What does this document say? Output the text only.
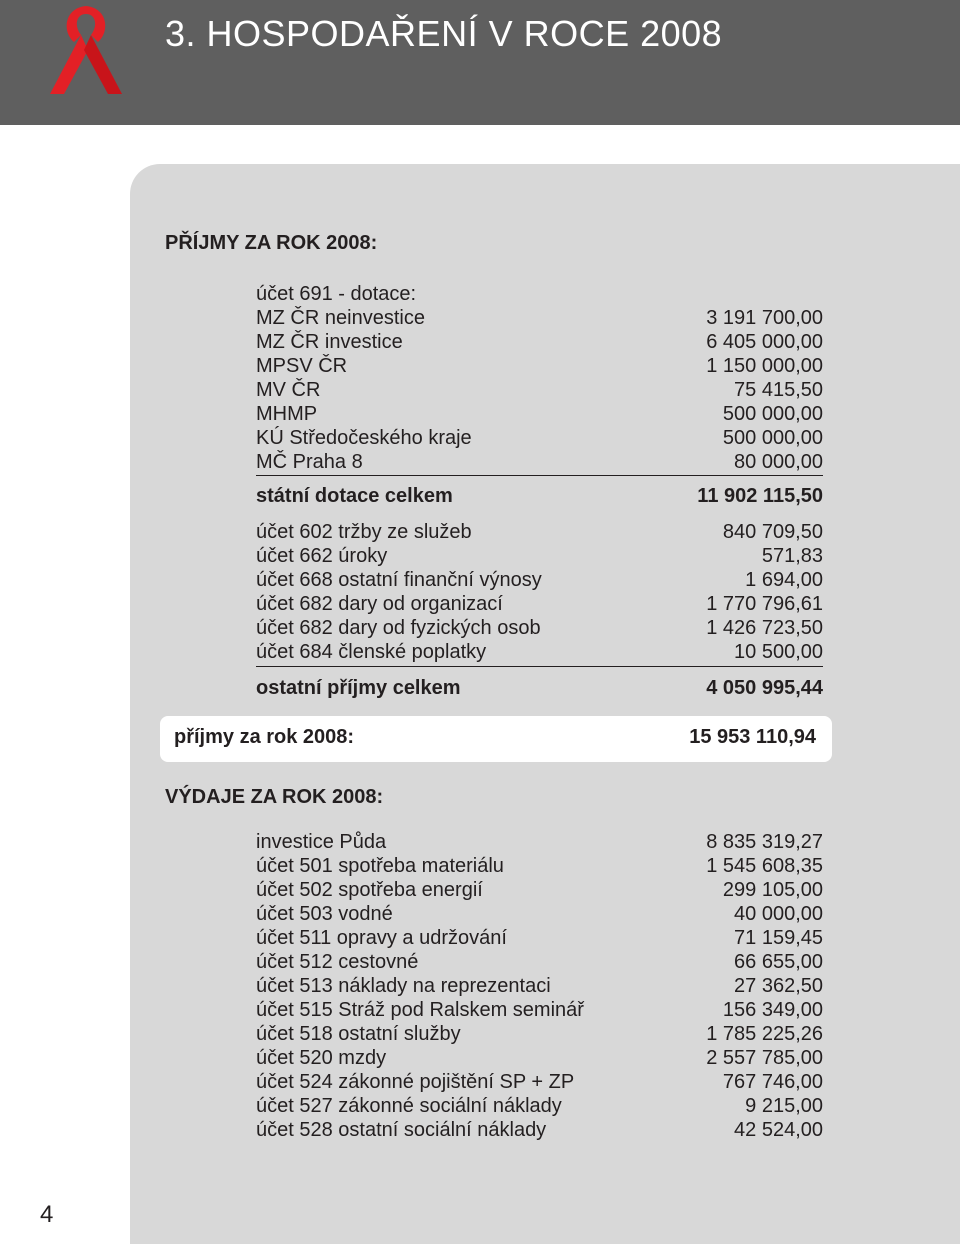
3. HOSPODAŘENÍ V ROCE 2008
PŘÍJMY ZA ROK 2008:
účet 691 - dotace:
MZ ČR neinvestice	3 191 700,00
MZ ČR investice	6 405 000,00
MPSV ČR	1 150 000,00
MV ČR	75 415,50
MHMP	500 000,00
KÚ Středočeského kraje	500 000,00
MČ Praha 8	80 000,00
státní dotace celkem	11 902 115,50
účet 602 tržby ze služeb	840 709,50
účet 662 úroky	571,83
účet 668 ostatní finanční výnosy	1 694,00
účet 682 dary od organizací	1 770 796,61
účet 682 dary od fyzických osob	1 426 723,50
účet 684 členské poplatky	10 500,00
ostatní příjmy celkem	4 050 995,44
příjmy za rok 2008:	15 953 110,94
VÝDAJE ZA ROK 2008:
investice Půda	8 835 319,27
účet 501 spotřeba materiálu	1 545 608,35
účet 502 spotřeba energií	299 105,00
účet 503 vodné	40 000,00
účet 511 opravy a udržování	71 159,45
účet 512 cestovné	66 655,00
účet 513 náklady na reprezentaci	27 362,50
účet 515 Stráž pod Ralskem seminář	156 349,00
účet 518 ostatní služby	1 785 225,26
účet 520 mzdy	2 557 785,00
účet 524 zákonné pojištění SP + ZP	767 746,00
účet 527 zákonné sociální náklady	9 215,00
účet 528 ostatní sociální náklady	42 524,00
4
